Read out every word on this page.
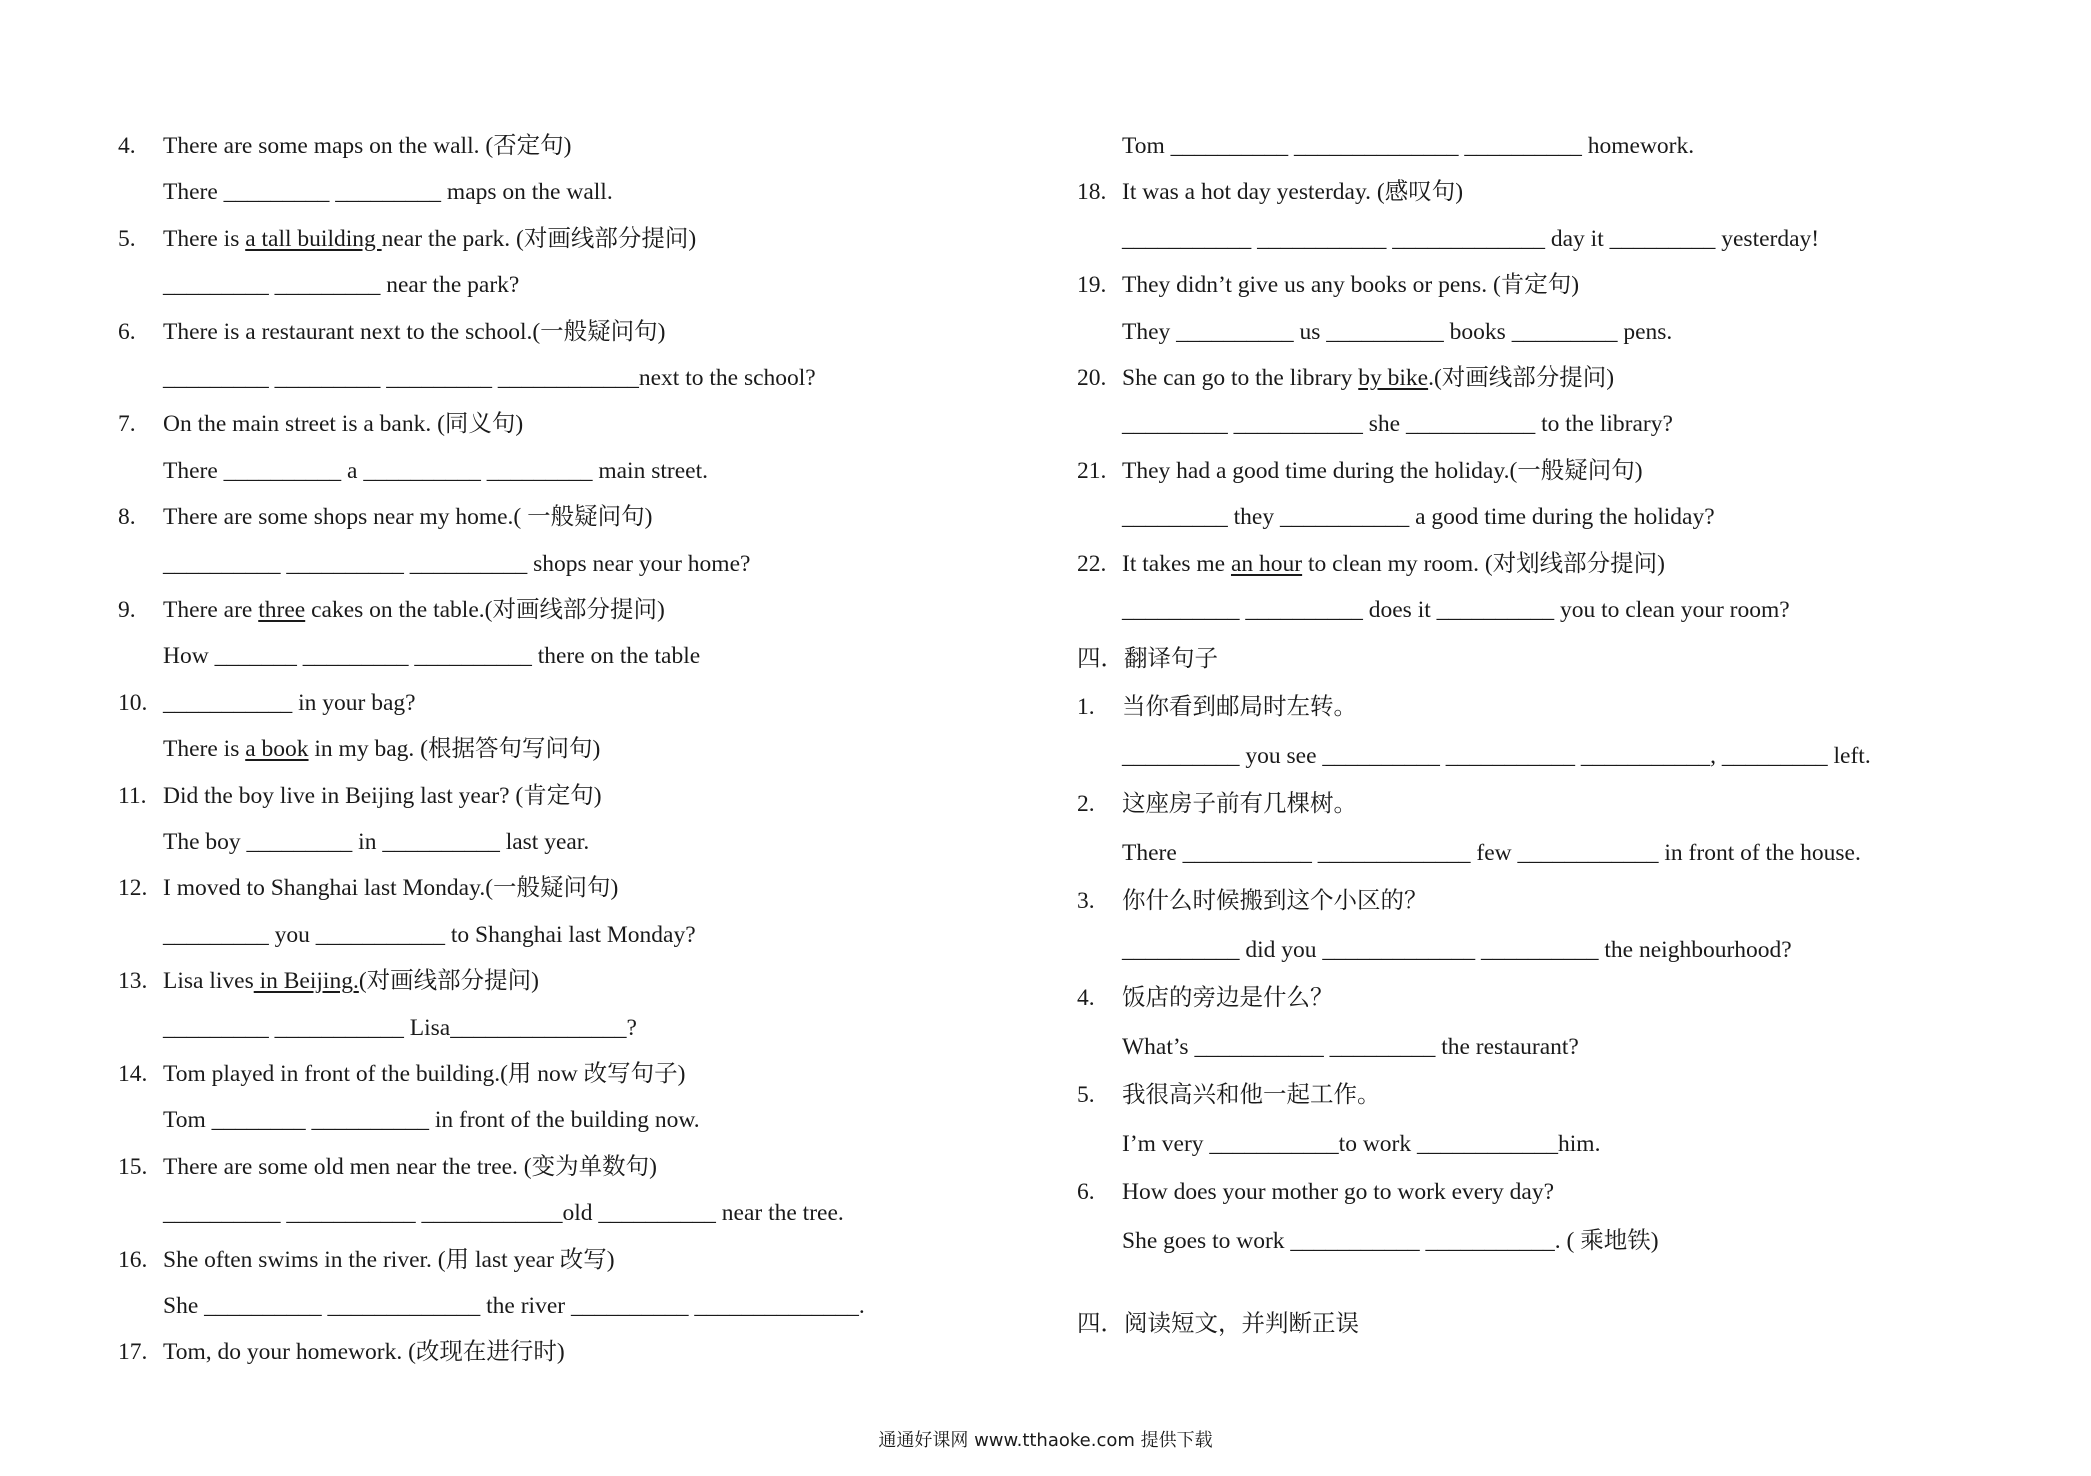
4. There are some maps on the wall. (否定句)
There _________ _________ maps on the wall.
5. There is a tall building near the park. (对画线部分提问)
_________ _________ near the park?
6. There is a restaurant next to the school.(一般疑问句)
_________ _________ _________ ____________next to the school?
7. On the main street is a bank. (同义句)
There __________ a __________ _________ main street.
8. There are some shops near my home.( 一般疑问句)
__________ __________ __________ shops near your home?
9. There are three cakes on the table.(对画线部分提问)
How _______ _________ __________ there on the table
10. ___________ in your bag?
There is a book in my bag. (根据答句写问句)
11. Did the boy live in Beijing last year? (肯定句)
The boy _________ in __________ last year.
12. I moved to Shanghai last Monday.(一般疑问句)
_________ you ___________ to Shanghai last Monday?
13. Lisa lives in Beijing.(对画线部分提问)
_________ ___________ Lisa_______________?
14. Tom played in front of the building.(用 now 改写句子)
Tom ________ __________ in front of the building now.
15. There are some old men near the tree. (变为单数句)
__________ ___________ ____________old __________ near the tree.
16. She often swims in the river. (用 last year 改写)
She __________ _____________ the river __________ ______________.
17. Tom, do your homework. (改现在进行时)
Tom __________ ______________ __________ homework.
18. It was a hot day yesterday. (感叹句)
___________ ___________ _____________ day it _________ yesterday!
19. They didn’t give us any books or pens. (肯定句)
They __________ us __________ books _________ pens.
20. She can go to the library by bike.(对画线部分提问)
_________ ___________ she ___________ to the library?
21. They had a good time during the holiday.(一般疑问句)
_________ they ___________ a good time during the holiday?
22. It takes me an hour to clean my room. (对划线部分提问)
__________ __________ does it __________ you to clean your room?
四．翻译句子
1. 当你看到邮局时左转。
__________ you see __________ ___________ ___________, _________ left.
2. 这座房子前有几棵树。
There ___________ _____________ few ____________ in front of the house.
3. 你什么时候搬到这个小区的？
__________ did you _____________ __________ the neighbourhood?
4. 饭店的旁边是什么？
What’s ___________ _________ the restaurant?
5. 我很高兴和他一起工作。
I’m very ___________to work ____________him.
6. How does your mother go to work every day?
She goes to work ___________ ___________. ( 乘地铁)
四．阅读短文，并判断正误
通通好课网 www.tthaoke.com 提供下载
